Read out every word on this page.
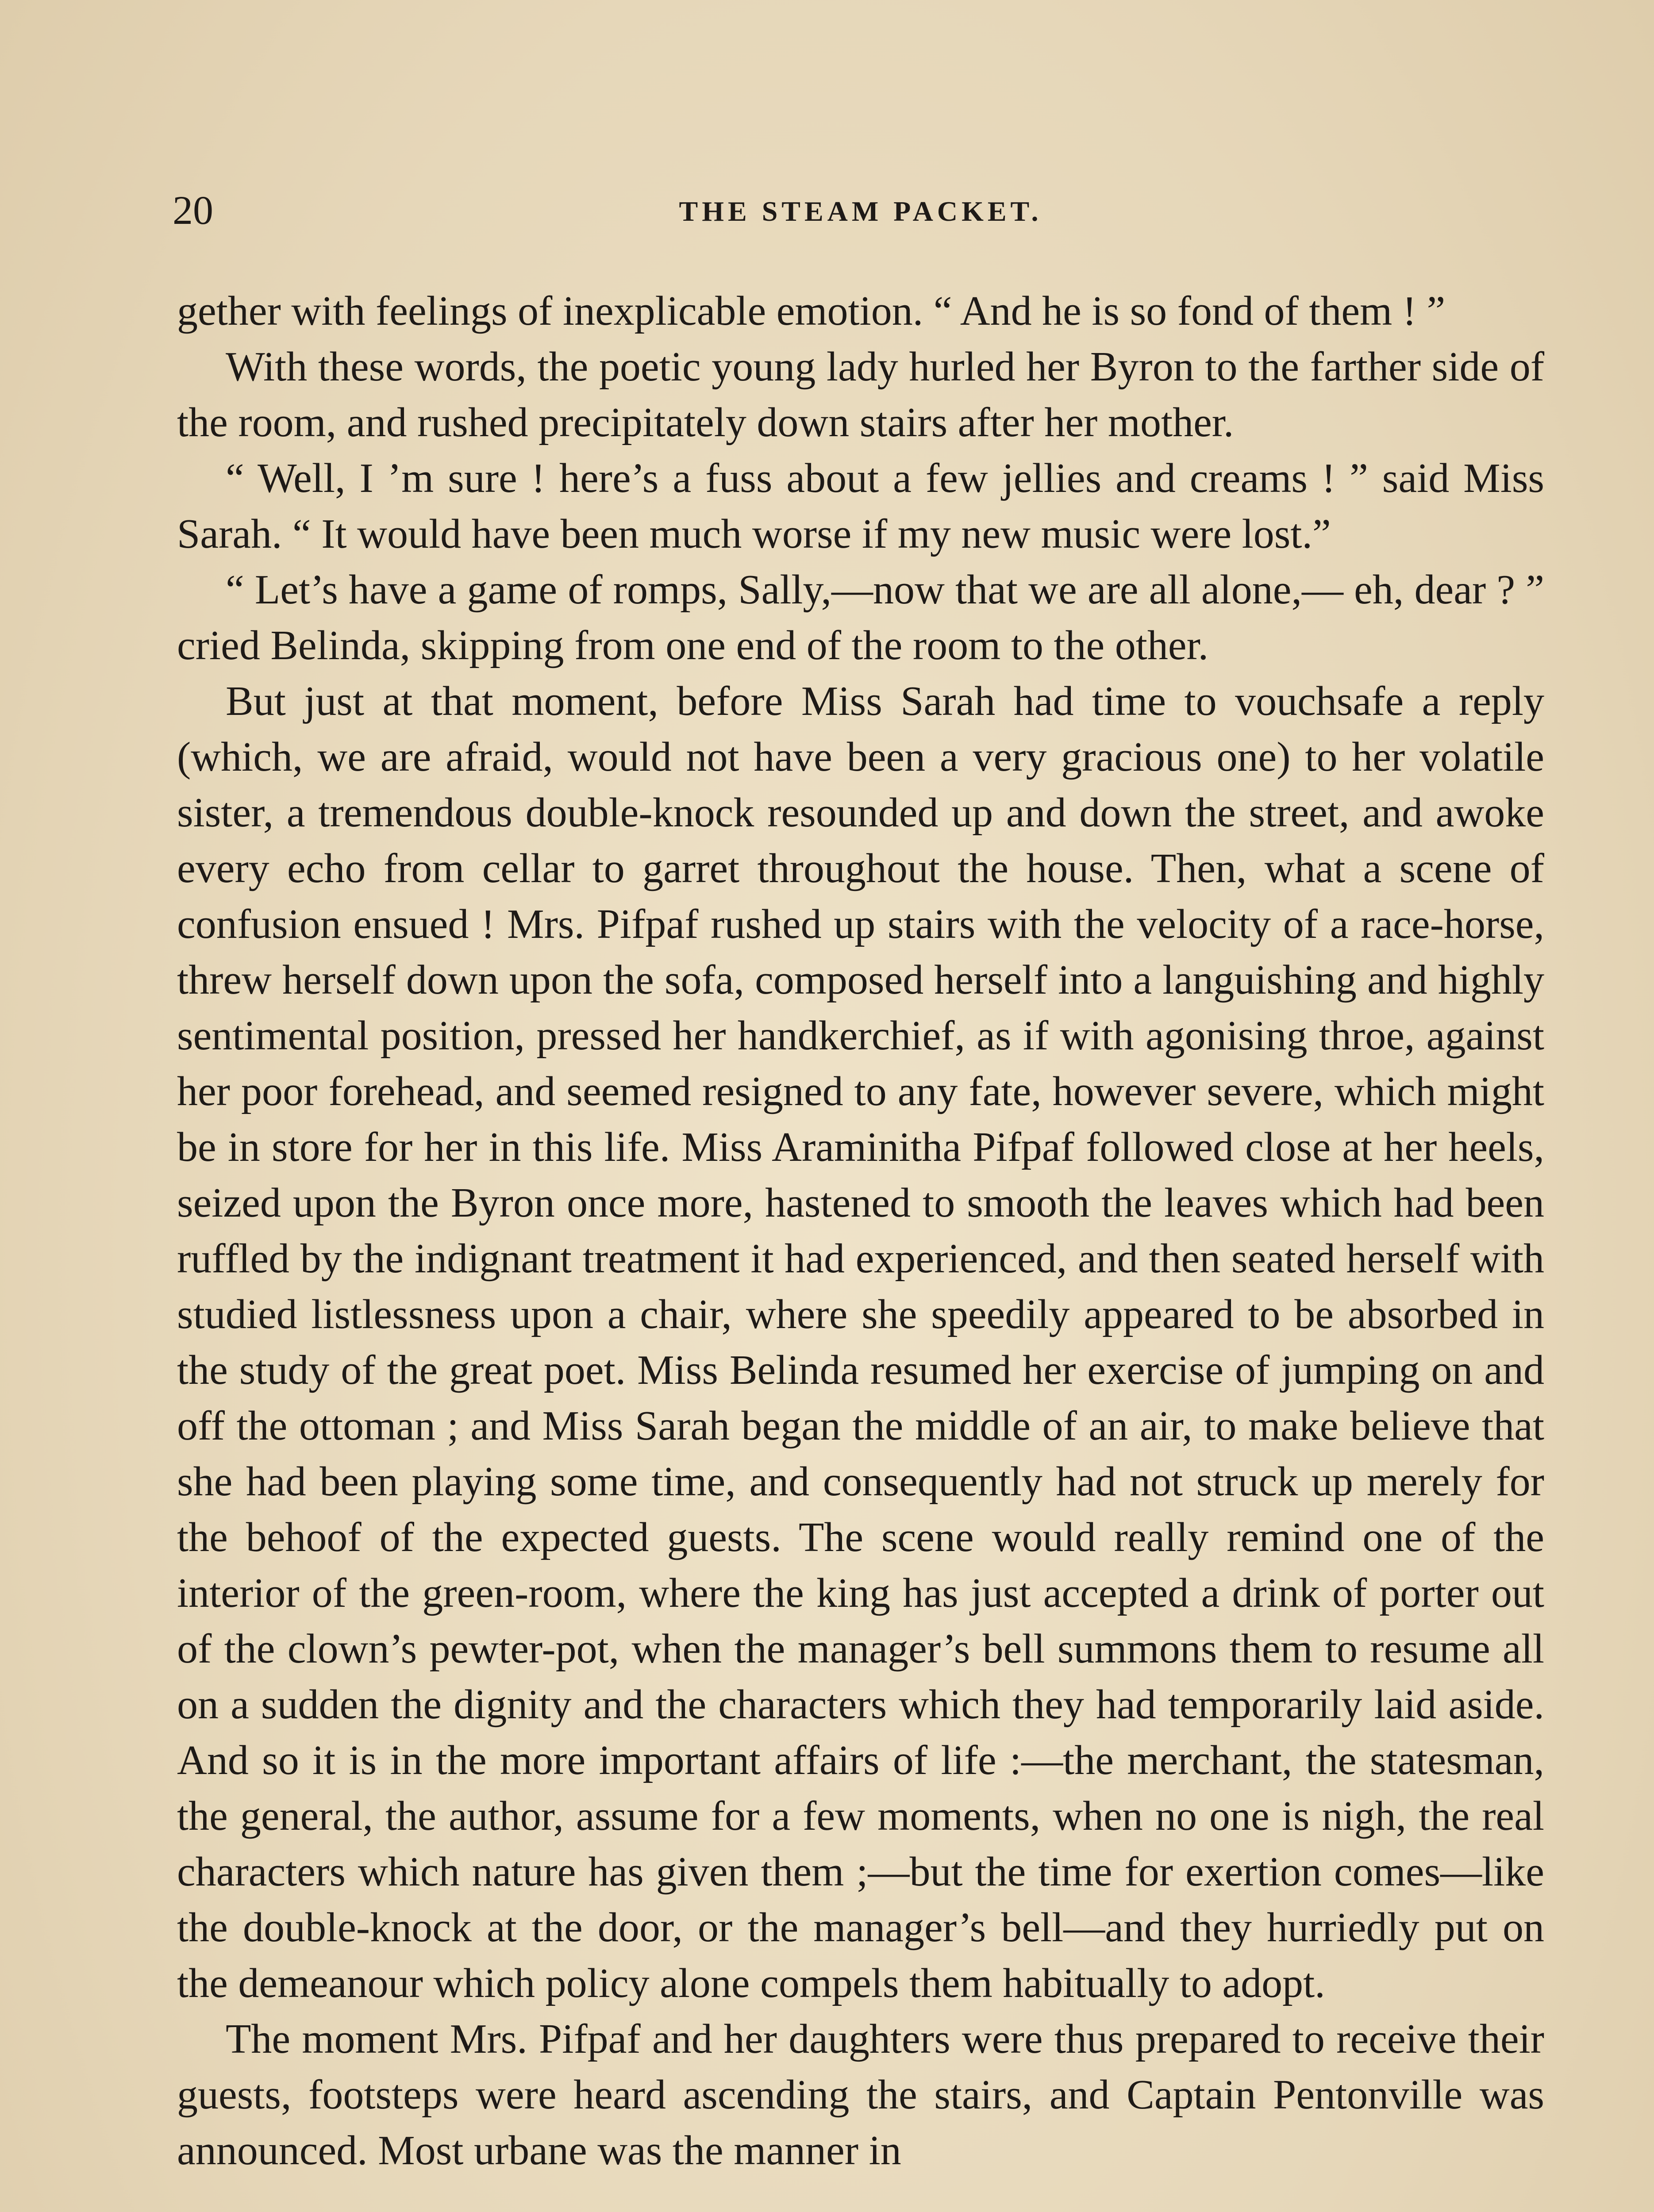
20	THE STEAM PACKET.

gether with feelings of inexplicable emotion. “ And he is so fond of them ! ”

With these words, the poetic young lady hurled her Byron to the farther side of the room, and rushed precipitately down stairs after her mother.

“ Well, I ’m sure ! here’s a fuss about a few jellies and creams ! ” said Miss Sarah. “ It would have been much worse if my new music were lost.”

“ Let’s have a game of romps, Sally,—now that we are all alone,— eh, dear ? ” cried Belinda, skipping from one end of the room to the other.

But just at that moment, before Miss Sarah had time to vouchsafe a reply (which, we are afraid, would not have been a very gracious one) to her volatile sister, a tremendous double-knock resounded up and down the street, and awoke every echo from cellar to garret throughout the house. Then, what a scene of confusion ensued ! Mrs. Pifpaf rushed up stairs with the velocity of a race-horse, threw herself down upon the sofa, composed herself into a languishing and highly sentimental position, pressed her handkerchief, as if with agonising throe, against her poor forehead, and seemed resigned to any fate, however severe, which might be in store for her in this life. Miss Araminitha Pifpaf followed close at her heels, seized upon the Byron once more, hastened to smooth the leaves which had been ruffled by the indignant treatment it had experienced, and then seated herself with studied listlessness upon a chair, where she speedily appeared to be absorbed in the study of the great poet. Miss Belinda resumed her exercise of jumping on and off the ottoman ; and Miss Sarah began the middle of an air, to make believe that she had been playing some time, and consequently had not struck up merely for the behoof of the expected guests. The scene would really remind one of the interior of the green-room, where the king has just accepted a drink of porter out of the clown’s pewter-pot, when the manager’s bell summons them to resume all on a sudden the dignity and the characters which they had temporarily laid aside. And so it is in the more important affairs of life :—the merchant, the statesman, the general, the author, assume for a few moments, when no one is nigh, the real characters which nature has given them ;—but the time for exertion comes—like the double-knock at the door, or the manager’s bell—and they hurriedly put on the demeanour which policy alone compels them habitually to adopt.

The moment Mrs. Pifpaf and her daughters were thus prepared to receive their guests, footsteps were heard ascending the stairs, and Captain Pentonville was announced. Most urbane was the manner in
